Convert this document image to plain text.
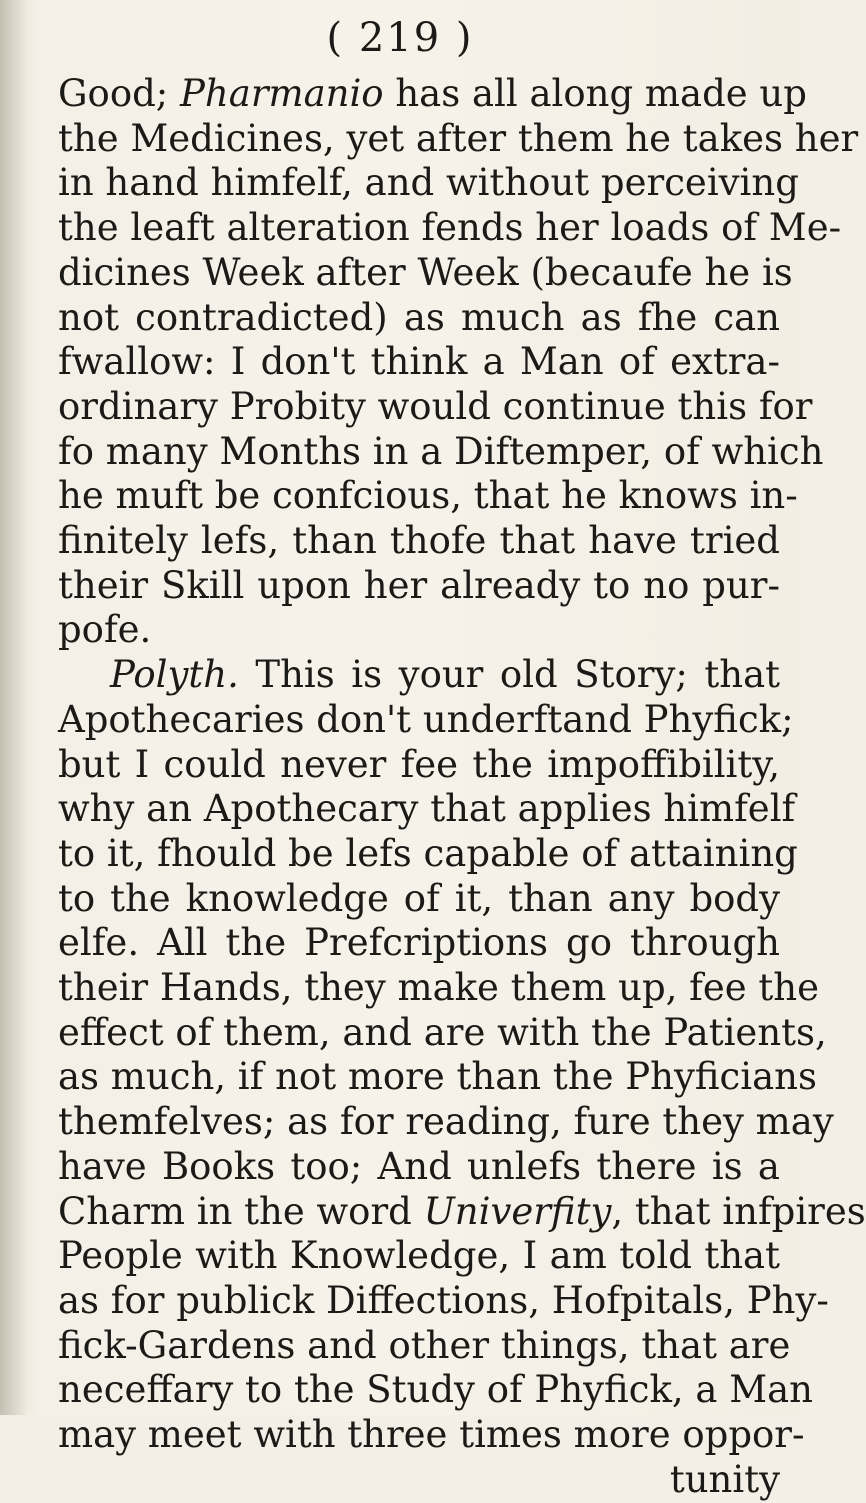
( 219 )
Good; Pharmanio has all along made up
the Medicines, yet after them he takes her
in hand himfelf, and without perceiving
the leaft alteration fends her loads of Me-
dicines Week after Week (becaufe he is
not contradicted) as much as fhe can
fwallow: I don't think a Man of extra-
ordinary Probity would continue this for
fo many Months in a Diftemper, of which
he muft be confcious, that he knows in-
finitely lefs, than thofe that have tried
their Skill upon her already to no pur-
pofe.
Polyth. This is your old Story; that
Apothecaries don't underftand Phyfick;
but I could never fee the impoffibility,
why an Apothecary that applies himfelf
to it, fhould be lefs capable of attaining
to the knowledge of it, than any body
elfe. All the Prefcriptions go through
their Hands, they make them up, fee the
effect of them, and are with the Patients,
as much, if not more than the Phyficians
themfelves; as for reading, fure they may
have Books too; And unlefs there is a
Charm in the word Univerfity, that infpires
People with Knowledge, I am told that
as for publick Diffections, Hofpitals, Phy-
fick-Gardens and other things, that are
neceffary to the Study of Phyfick, a Man
may meet with three times more oppor-
tunity
